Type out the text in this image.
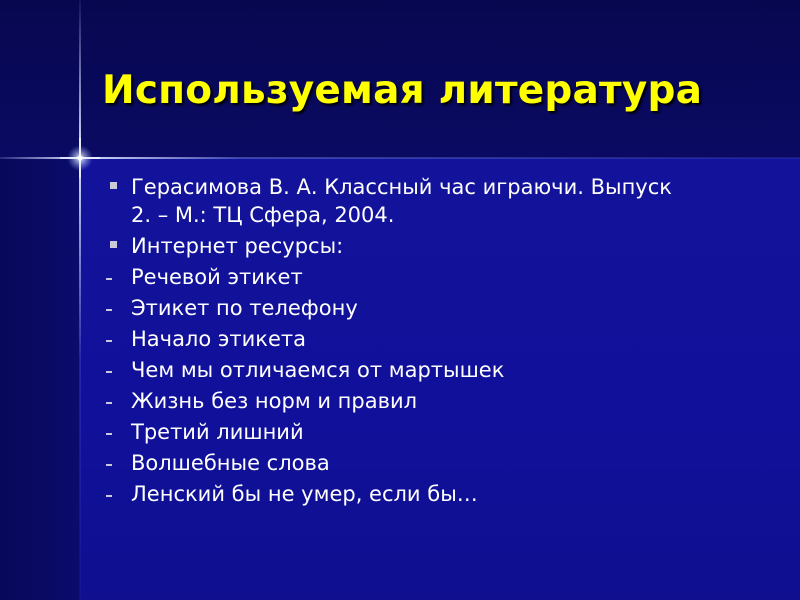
Используемая литература
Герасимова В. А. Классный час играючи. Выпуск
2. – М.: ТЦ Сфера, 2004.
Интернет ресурсы:
Речевой этикет
Этикет по телефону
Начало этикета
Чем мы отличаемся от мартышек
Жизнь без норм и правил
Третий лишний
Волшебные слова
Ленский бы не умер, если бы…
